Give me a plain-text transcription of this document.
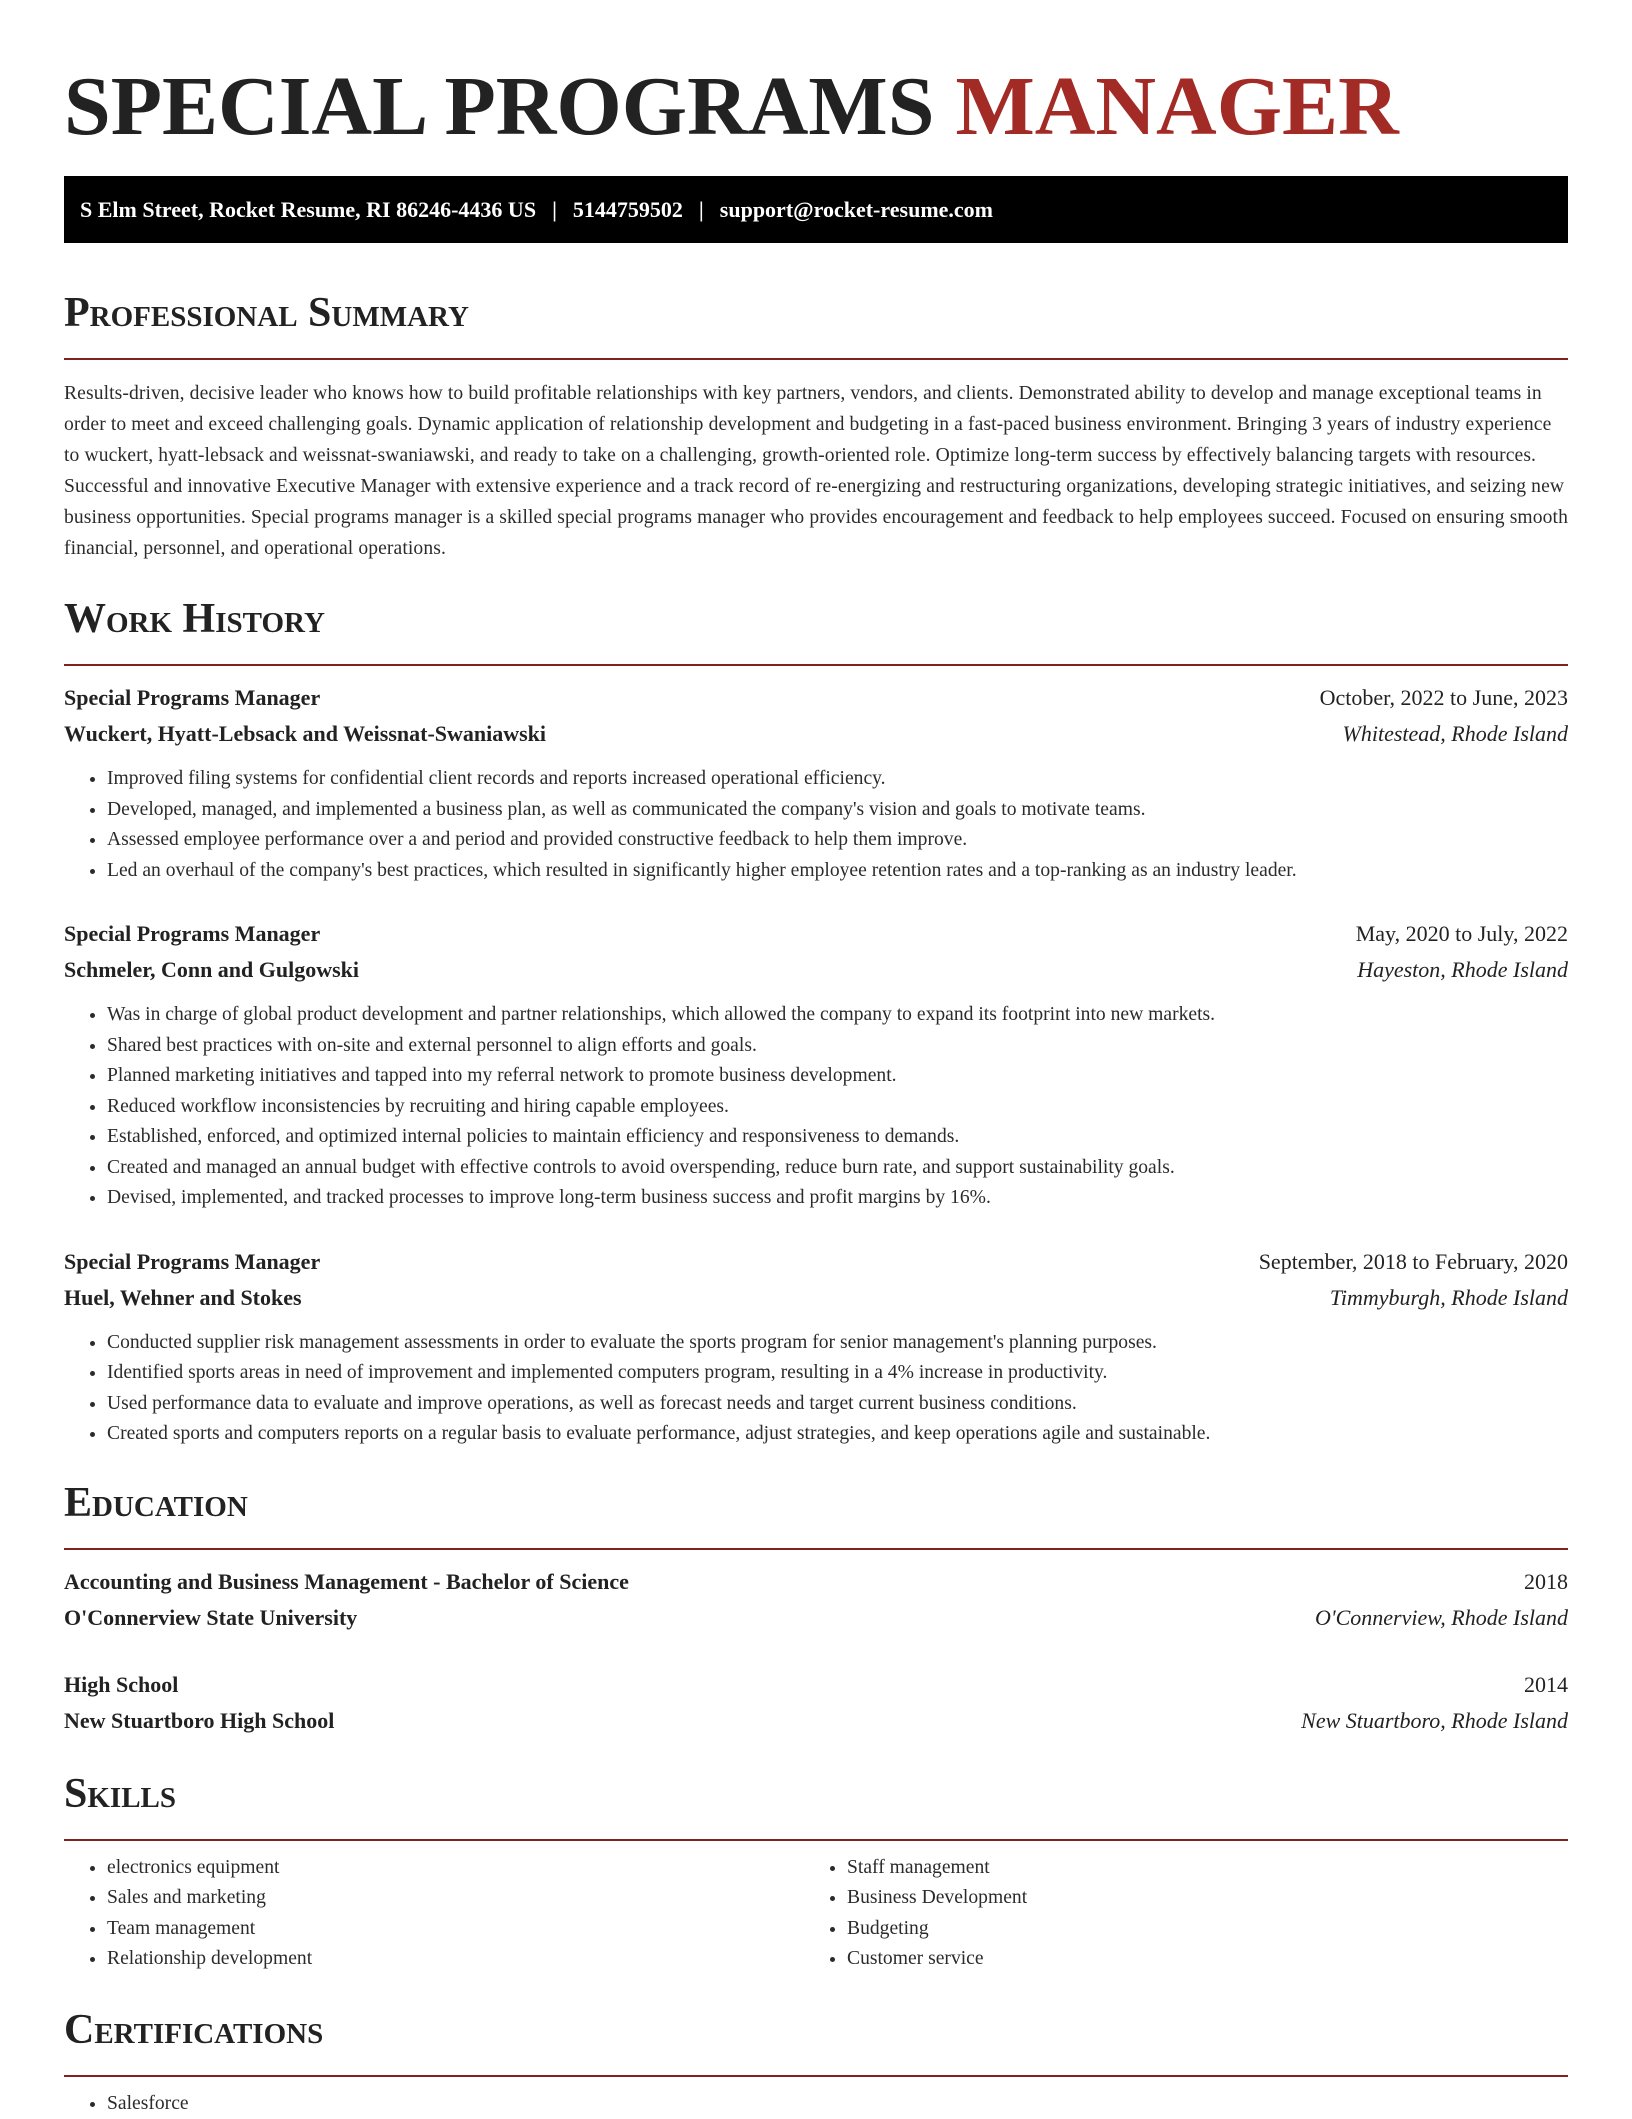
SPECIAL PROGRAMS MANAGER
S Elm Street, Rocket Resume, RI 86246-4436 US | 5144759502 | support@rocket-resume.com
Professional Summary

Results-driven, decisive leader who knows how to build profitable relationships with key partners, vendors, and clients. Demonstrated ability to develop and manage exceptional teams in order to meet and exceed challenging goals. Dynamic application of relationship development and budgeting in a fast-paced business environment. Bringing 3 years of industry experience to wuckert, hyatt-lebsack and weissnat-swaniawski, and ready to take on a challenging, growth-oriented role. Optimize long-term success by effectively balancing targets with resources. Successful and innovative Executive Manager with extensive experience and a track record of re-energizing and restructuring organizations, developing strategic initiatives, and seizing new business opportunities. Special programs manager is a skilled special programs manager who provides encouragement and feedback to help employees succeed. Focused on ensuring smooth financial, personnel, and operational operations.

Work History
Special Programs Manager	October, 2022 to June, 2023
Wuckert, Hyatt-Lebsack and Weissnat-Swaniawski	Whitestead, Rhode Island
• Improved filing systems for confidential client records and reports increased operational efficiency.
• Developed, managed, and implemented a business plan, as well as communicated the company's vision and goals to motivate teams.
• Assessed employee performance over a and period and provided constructive feedback to help them improve.
• Led an overhaul of the company's best practices, which resulted in significantly higher employee retention rates and a top-ranking as an industry leader.
Special Programs Manager	May, 2020 to July, 2022
Schmeler, Conn and Gulgowski	Hayeston, Rhode Island
• Was in charge of global product development and partner relationships, which allowed the company to expand its footprint into new markets.
• Shared best practices with on-site and external personnel to align efforts and goals.
• Planned marketing initiatives and tapped into my referral network to promote business development.
• Reduced workflow inconsistencies by recruiting and hiring capable employees.
• Established, enforced, and optimized internal policies to maintain efficiency and responsiveness to demands.
• Created and managed an annual budget with effective controls to avoid overspending, reduce burn rate, and support sustainability goals.
• Devised, implemented, and tracked processes to improve long-term business success and profit margins by 16%.
Special Programs Manager	September, 2018 to February, 2020
Huel, Wehner and Stokes	Timmyburgh, Rhode Island
• Conducted supplier risk management assessments in order to evaluate the sports program for senior management's planning purposes.
• Identified sports areas in need of improvement and implemented computers program, resulting in a 4% increase in productivity.
• Used performance data to evaluate and improve operations, as well as forecast needs and target current business conditions.
• Created sports and computers reports on a regular basis to evaluate performance, adjust strategies, and keep operations agile and sustainable.
Education
Accounting and Business Management - Bachelor of Science	2018
O'Connerview State University	O'Connerview, Rhode Island
High School	2014
New Stuartboro High School	New Stuartboro, Rhode Island
Skills
• electronics equipment
• Sales and marketing
• Team management
• Relationship development
• Staff management
• Business Development
• Budgeting
• Customer service
Certifications
• Salesforce
